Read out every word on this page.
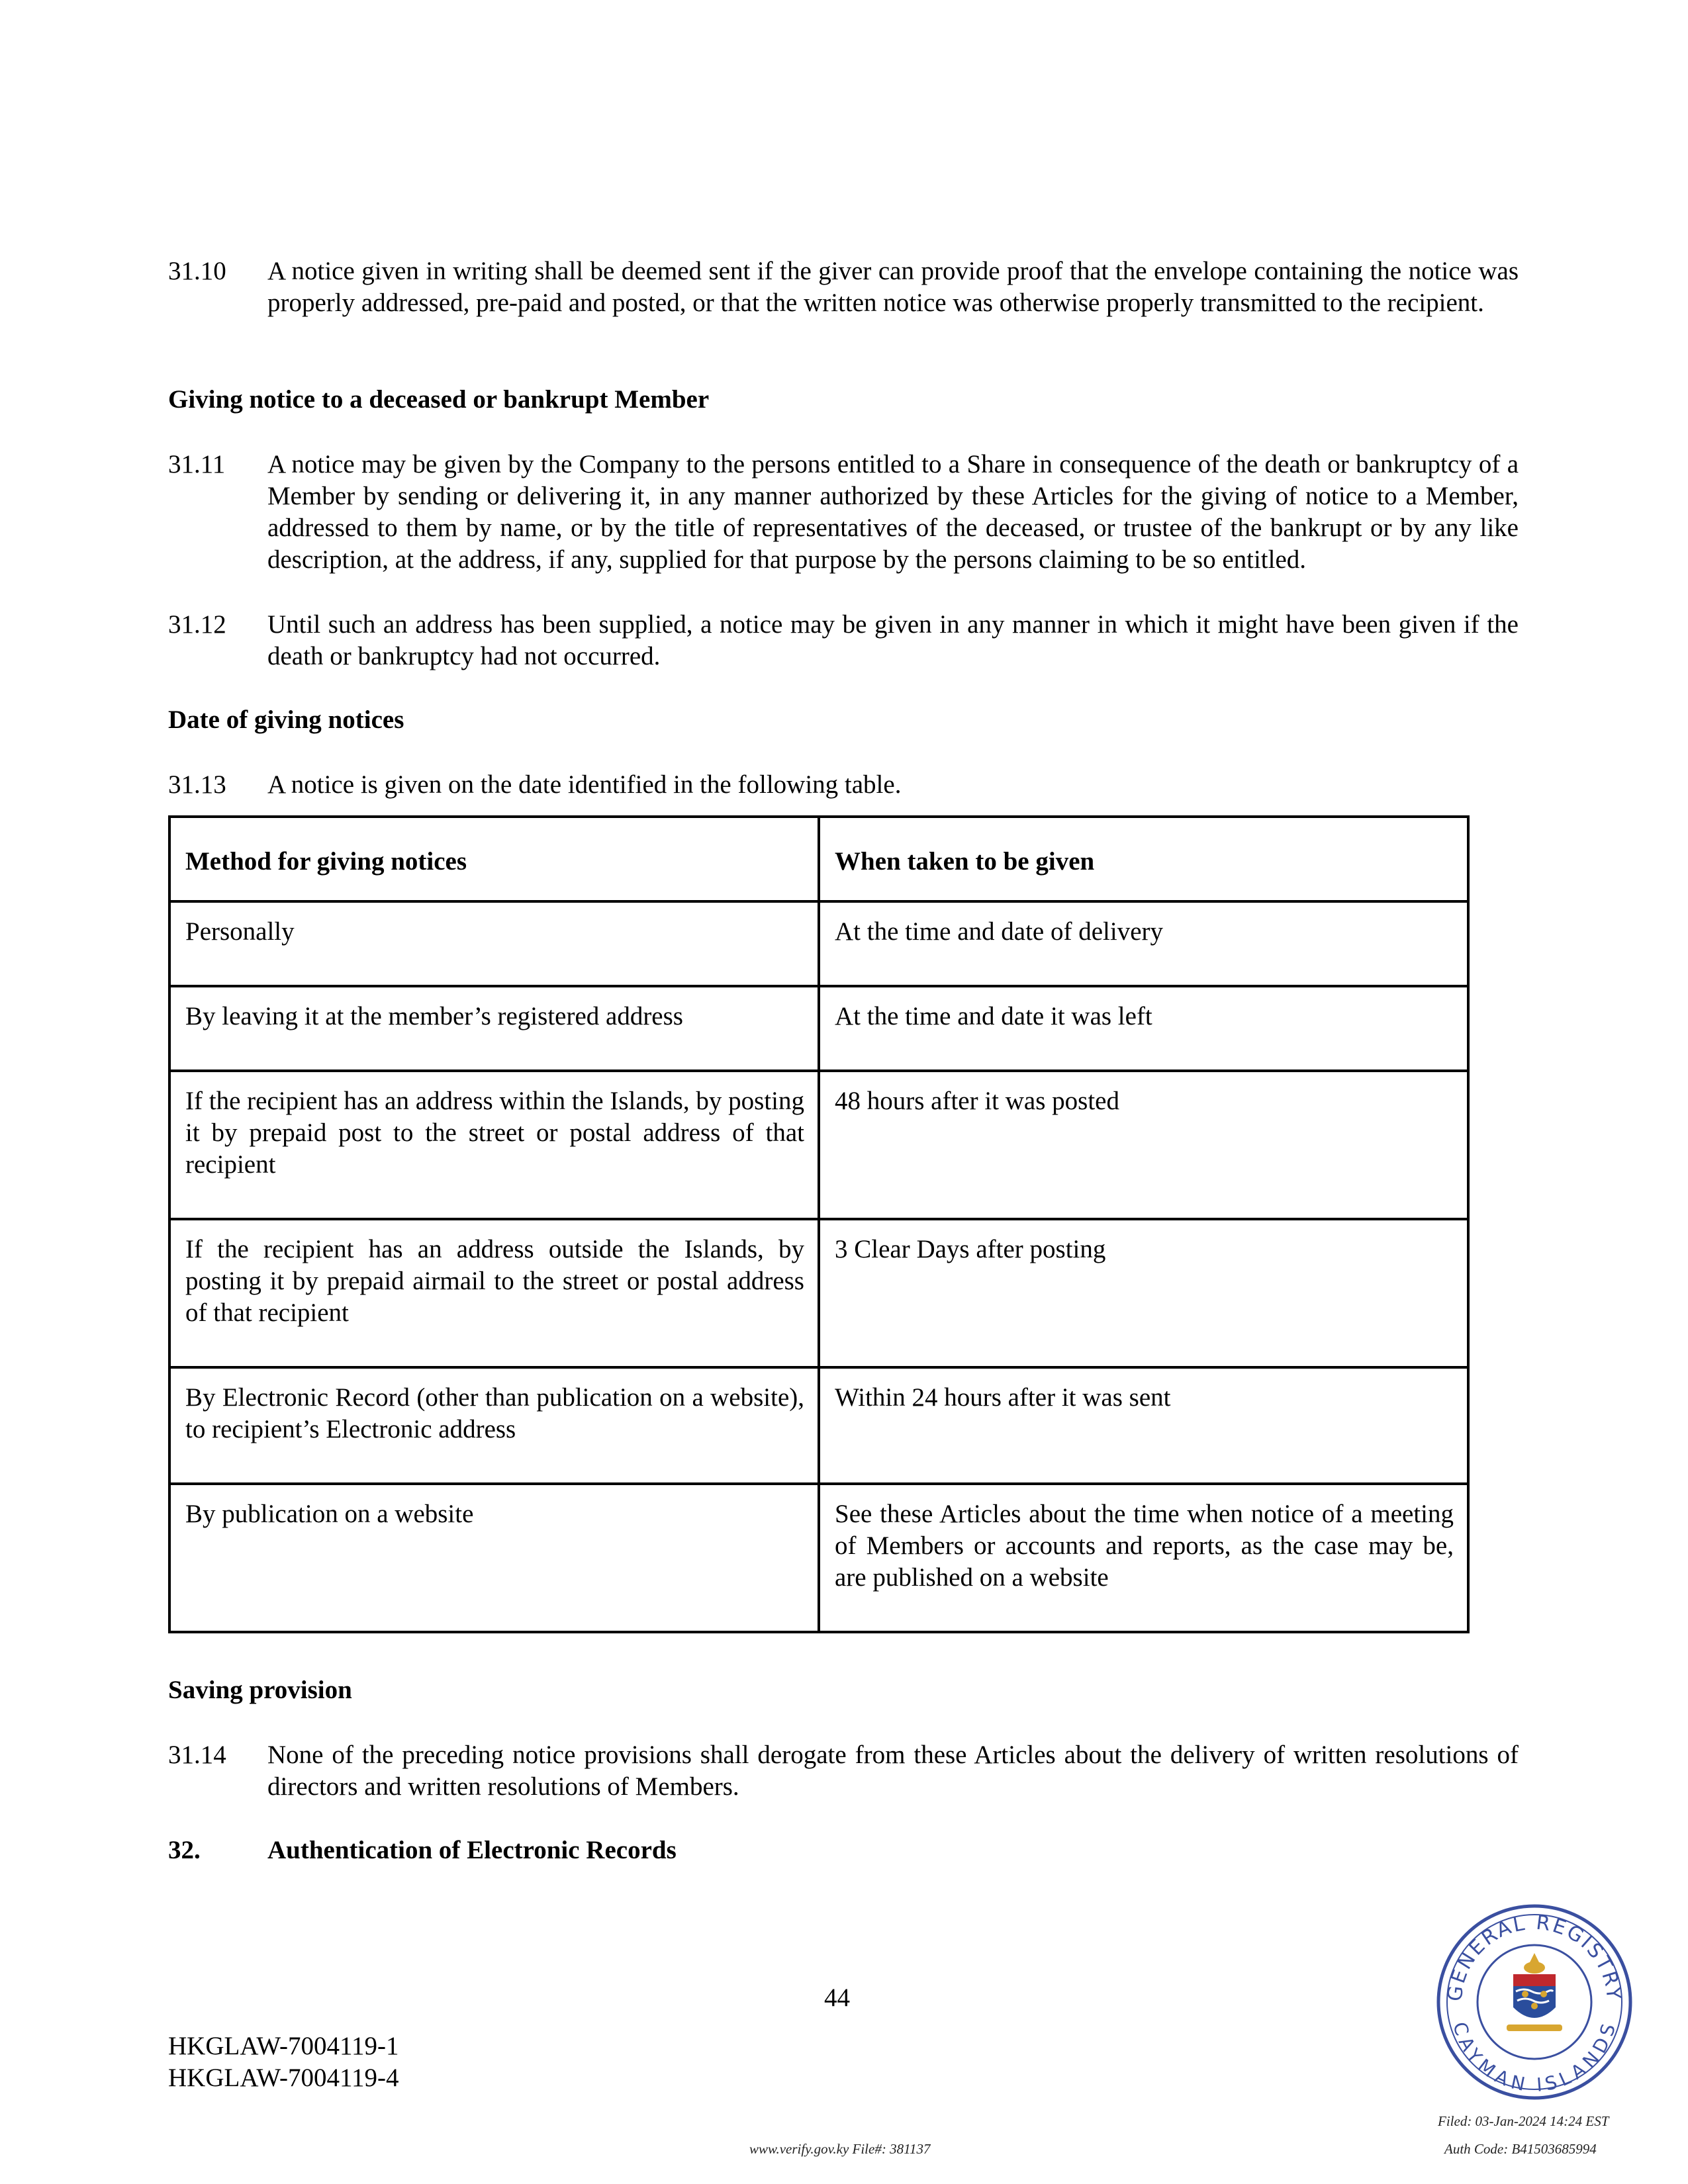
31.10 A notice given in writing shall be deemed sent if the giver can provide proof that the envelope containing the notice was properly addressed, pre-paid and posted, or that the written notice was otherwise properly transmitted to the recipient.
Giving notice to a deceased or bankrupt Member
31.11 A notice may be given by the Company to the persons entitled to a Share in consequence of the death or bankruptcy of a Member by sending or delivering it, in any manner authorized by these Articles for the giving of notice to a Member, addressed to them by name, or by the title of representatives of the deceased, or trustee of the bankrupt or by any like description, at the address, if any, supplied for that purpose by the persons claiming to be so entitled.
31.12 Until such an address has been supplied, a notice may be given in any manner in which it might have been given if the death or bankruptcy had not occurred.
Date of giving notices
31.13 A notice is given on the date identified in the following table.
Method for giving notices	When taken to be given
Personally	At the time and date of delivery
By leaving it at the member’s registered address	At the time and date it was left
If the recipient has an address within the Islands, by posting it by prepaid post to the street or postal address of that recipient	48 hours after it was posted
If the recipient has an address outside the Islands, by posting it by prepaid airmail to the street or postal address of that recipient	3 Clear Days after posting
By Electronic Record (other than publication on a website), to recipient’s Electronic address	Within 24 hours after it was sent
By publication on a website	See these Articles about the time when notice of a meeting of Members or accounts and reports, as the case may be, are published on a website
Saving provision
31.14 None of the preceding notice provisions shall derogate from these Articles about the delivery of written resolutions of directors and written resolutions of Members.
32.	Authentication of Electronic Records
44
HKGLAW-7004119-1
HKGLAW-7004119-4
www.verify.gov.ky File#: 381137
Filed: 03-Jan-2024 14:24 EST
Auth Code: B41503685994
GENERAL REGISTRY
CAYMAN ISLANDS
